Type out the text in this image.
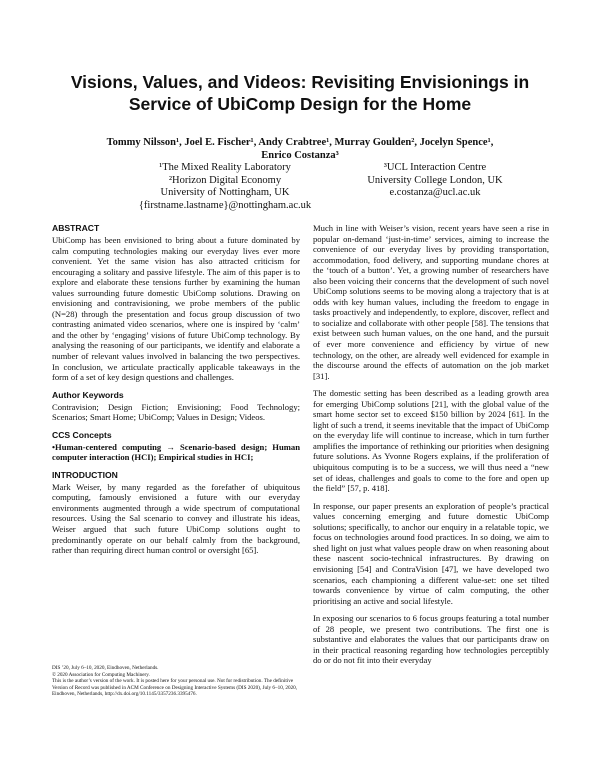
Visions, Values, and Videos: Revisiting Envisionings in
Service of UbiComp Design for the Home
Tommy Nilsson¹, Joel E. Fischer¹, Andy Crabtree¹, Murray Goulden², Jocelyn Spence¹,
Enrico Costanza³
¹The Mixed Reality Laboratory
²Horizon Digital Economy
University of Nottingham, UK
{firstname.lastname}@nottingham.ac.uk
³UCL Interaction Centre
University College London, UK
e.costanza@ucl.ac.uk
ABSTRACT

UbiComp has been envisioned to bring about a future dominated by calm computing technologies making our everyday lives ever more convenient. Yet the same vision has also attracted criticism for encouraging a solitary and passive lifestyle. The aim of this paper is to explore and elaborate these tensions further by examining the human values surrounding future domestic UbiComp solutions. Drawing on envisioning and contravisioning, we probe members of the public (N=28) through the presentation and focus group discussion of two contrasting animated video scenarios, where one is inspired by ‘calm’ and the other by ‘engaging’ visions of future UbiComp technology. By analysing the reasoning of our participants, we identify and elaborate a number of relevant values involved in balancing the two perspectives. In conclusion, we articulate practically applicable takeaways in the form of a set of key design questions and challenges.

Author Keywords

Contravision; Design Fiction; Envisioning; Food Technology; Scenarios; Smart Home; UbiComp; Values in Design; Videos.

CCS Concepts

•Human-centered computing → Scenario-based design; Human computer interaction (HCI); Empirical studies in HCI;

INTRODUCTION

Mark Weiser, by many regarded as the forefather of ubiquitous computing, famously envisioned a future with our everyday environments augmented through a wide spectrum of computational resources. Using the Sal scenario to convey and illustrate his ideas, Weiser argued that such future UbiComp solutions ought to predominantly operate on our behalf calmly from the background, rather than requiring direct human control or oversight [65].

DIS ’20, July 6–10, 2020, Eindhoven, Netherlands.
© 2020 Association for Computing Machinery.
This is the author’s version of the work. It is posted here for your personal use. Not for redistribution. The definitive Version of Record was published in ACM Conference on Designing Interactive Systems (DIS 2020), July 6–10, 2020, Eindhoven, Netherlands, http://dx.doi.org/10.1145/3357236.3395476.

Much in line with Weiser’s vision, recent years have seen a rise in popular on-demand ‘just-in-time’ services, aiming to increase the convenience of our everyday lives by providing transportation, accommodation, food delivery, and supporting mundane chores at the ‘touch of a button’. Yet, a growing number of researchers have also been voicing their concerns that the development of such novel UbiComp solutions seems to be moving along a trajectory that is at odds with key human values, including the freedom to engage in tasks proactively and independently, to explore, discover, reflect and to socialize and collaborate with other people [58]. The tensions that exist between such human values, on the one hand, and the pursuit of ever more convenience and efficiency by virtue of new technology, on the other, are already well evidenced for example in the discourse around the effects of automation on the job market [31].

The domestic setting has been described as a leading growth area for emerging UbiComp solutions [21], with the global value of the smart home sector set to exceed $150 billion by 2024 [61]. In the light of such a trend, it seems inevitable that the impact of UbiComp on the everyday life will continue to increase, which in turn further amplifies the importance of rethinking our priorities when designing future solutions. As Yvonne Rogers explains, if the proliferation of ubiquitous computing is to be a success, we will thus need a “new set of ideas, challenges and goals to come to the fore and open up the field” [57, p. 418].

In response, our paper presents an exploration of people’s practical values concerning emerging and future domestic UbiComp solutions; specifically, to anchor our enquiry in a relatable topic, we focus on technologies around food practices. In so doing, we aim to shed light on just what values people draw on when reasoning about these nascent socio-technical infrastructures. By drawing on envisioning [54] and ContraVision [47], we have developed two scenarios, each championing a different value-set: one set tilted towards convenience by virtue of calm computing, the other prioritising an active and social lifestyle.

In exposing our scenarios to 6 focus groups featuring a total number of 28 people, we present two contributions. The first one is substantive and elaborates the values that our participants draw on in their practical reasoning regarding how technologies perceptibly do or do not fit into their everyday
